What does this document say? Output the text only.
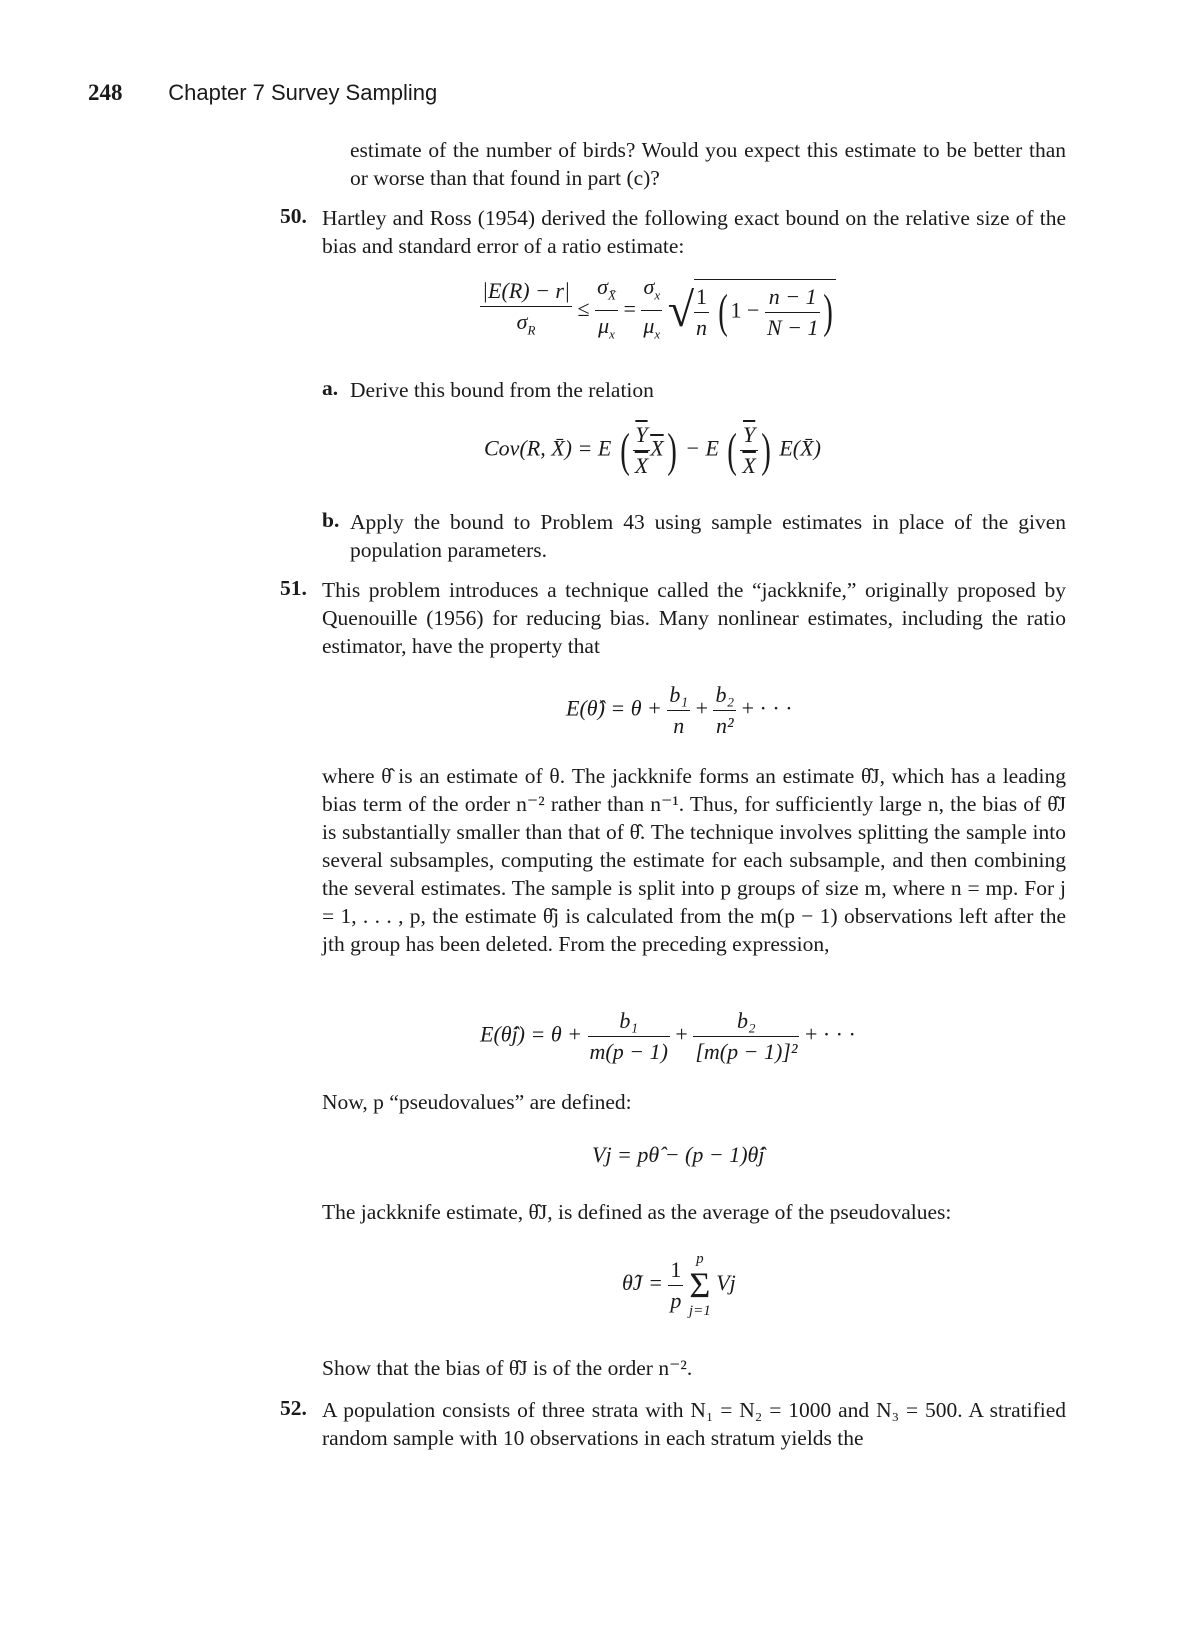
248 Chapter 7 Survey Sampling
estimate of the number of birds? Would you expect this estimate to be better than or worse than that found in part (c)?
50. Hartley and Ross (1954) derived the following exact bound on the relative size of the bias and standard error of a ratio estimate:
$\frac{|E(R) - r|}{\sigma_R} \le \frac{\sigma_{X̄}}{\mu_x} = \frac{\sigma_x}{\mu_x}$ √ $\frac{1}{n}$ ( $1 - \frac{n - 1}{N - 1}$ )
a. Derive this bound from the relation
Cov(R, X̄) = E ( $\frac{\overline{Y}}{X} \overline{X}) - E$ ( $\frac{\overline{Y}}{X}$ ) E(X̄)
b. Apply the bound to Problem 43 using sample estimates in place of the given population parameters.
51. This problem introduces a technique called the “jackknife,” originally proposed by Quenouille (1956) for reducing bias. Many nonlinear estimates, including the ratio estimator, have the property that
E(θ̂) = $\theta + \frac{\text{b₁}}{n} + \frac{\text{b₂}}{\text{n²}}$ + · · ·
where θ̂ is an estimate of θ. The jackknife forms an estimate θ̂J, which has a leading bias term of the order n⁻² rather than n⁻¹. Thus, for sufficiently large n, the bias of θ̂J is substantially smaller than that of θ̂. The technique involves splitting the sample into several subsamples, computing the estimate for each subsample, and then combining the several estimates. The sample is split into p groups of size m, where n = mp. For j = 1, . . . , p, the estimate θ̂j is calculated from the m(p − 1) observations left after the jth group has been deleted. From the preceding expression,
E(θ̂j) = $\theta + \frac{\text{b₁}}{m(p - 1)} + \frac{\text{b₂}}{\text{[m(p − 1)]²}}$ + · · ·
Now, p “pseudovalues” are defined:
Vj = pθ̂ − (p − 1)θ̂j
The jackknife estimate, θ̂J, is defined as the average of the pseudovalues:
θ̂J = $\frac{1}{p}$
p
Σ
j=1
Vj
Show that the bias of θ̂J is of the order n⁻².
52. A population consists of three strata with N₁ = N₂ = 1000 and N₃ = 500. A stratified random sample with 10 observations in each stratum yields the
